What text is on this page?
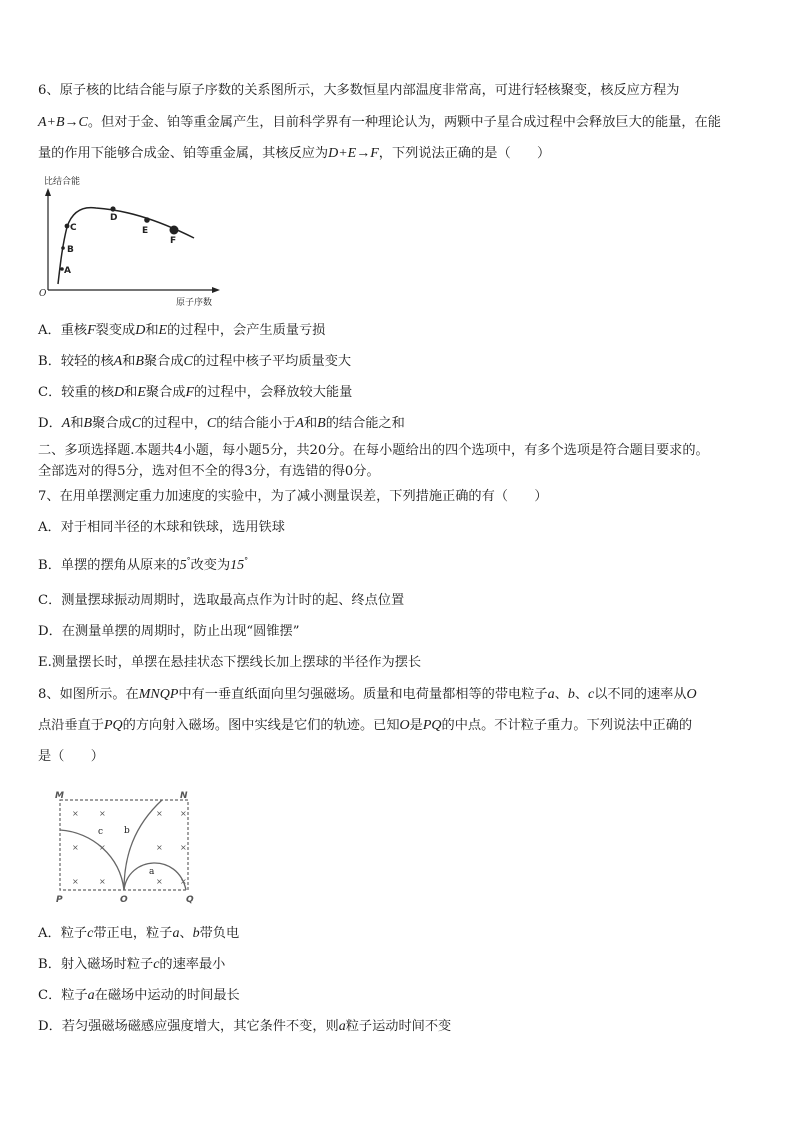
6、原子核的比结合能与原子序数的关系图所示，大多数恒星内部温度非常高，可进行轻核聚变，核反应方程为
A+B→C。但对于金、铂等重金属产生，目前科学界有一种理论认为，两颗中子星合成过程中会释放巨大的能量，在能
量的作用下能够合成金、铂等重金属，其核反应为D+E→F，下列说法正确的是（　　）
比结合能
O
原子序数
A
B
C
D
E
F
A．重核F裂变成D和E的过程中，会产生质量亏损
B．较轻的核A和B聚合成C的过程中核子平均质量变大
C．较重的核D和E聚合成F的过程中，会释放较大能量
D．A和B聚合成C的过程中，C的结合能小于A和B的结合能之和
二、多项选择题.本题共4小题，每小题5分，共20分。在每小题给出的四个选项中，有多个选项是符合题目要求的。
全部选对的得5分，选对但不全的得3分，有选错的得0分。
7、在用单摆测定重力加速度的实验中，为了减小测量误差，下列措施正确的有（　　）
A．对于相同半径的木球和铁球，选用铁球
B．单摆的摆角从原来的5°改变为15°
C．测量摆球振动周期时，选取最高点作为计时的起、终点位置
D．在测量单摆的周期时，防止出现“圆锥摆”
E.测量摆长时，单摆在悬挂状态下摆线长加上摆球的半径作为摆长
8、如图所示。在MNQP中有一垂直纸面向里匀强磁场。质量和电荷量都相等的带电粒子a、b、c以不同的速率从O
点沿垂直于PQ的方向射入磁场。图中实线是它们的轨迹。已知O是PQ的中点。不计粒子重力。下列说法中正确的
是（　　）
M	N
P	O	Q
×	×	× ×
×	×	× ×
×	×	× ×
c b
a
A．粒子c带正电，粒子a、b带负电
B．射入磁场时粒子c的速率最小
C．粒子a在磁场中运动的时间最长
D．若匀强磁场磁感应强度增大，其它条件不变，则a粒子运动时间不变
